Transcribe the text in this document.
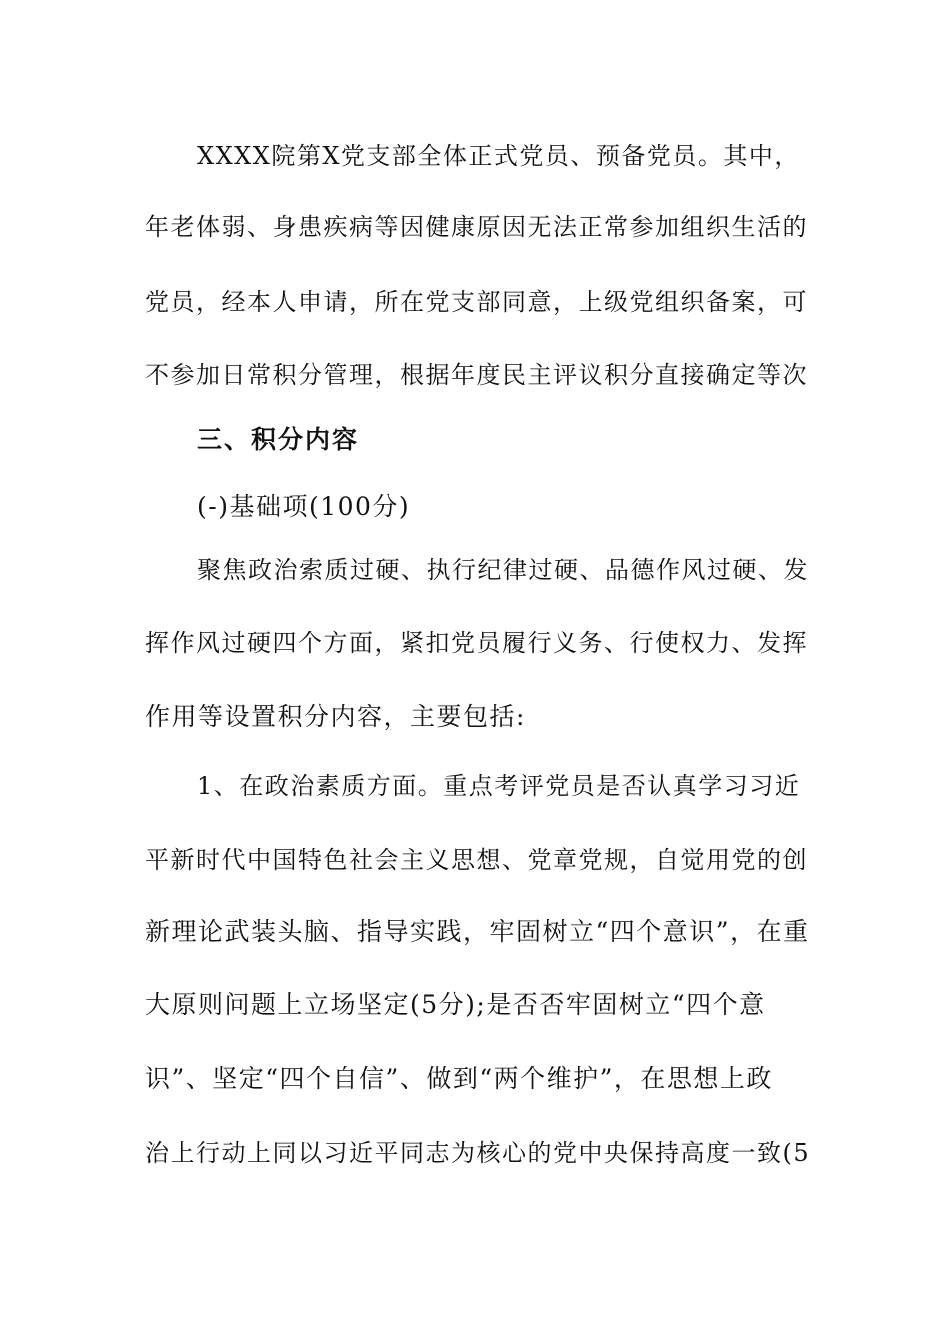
XXXX院第X党支部全体正式党员、预备党员。其中，
年老体弱、身患疾病等因健康原因无法正常参加组织生活的
党员，经本人申请，所在党支部同意，上级党组织备案，可
不参加日常积分管理，根据年度民主评议积分直接确定等次
三、积分内容
(-)基础项(100分)
聚焦政治索质过硬、执行纪律过硬、品德作风过硬、发
挥作风过硬四个方面，紧扣党员履行义务、行使权力、发挥
作用等设置积分内容，主要包括:
1、在政治素质方面。重点考评党员是否认真学习习近
平新时代中国特色社会主义思想、党章党规，自觉用党的创
新理论武装头脑、指导实践，牢固树立“四个意识”，在重
大原则问题上立场坚定(5分);是否否牢固树立“四个意
识”、坚定“四个自信”、做到“两个维护”，在思想上政
治上行动上同以习近平同志为核心的党中央保持高度一致(5
